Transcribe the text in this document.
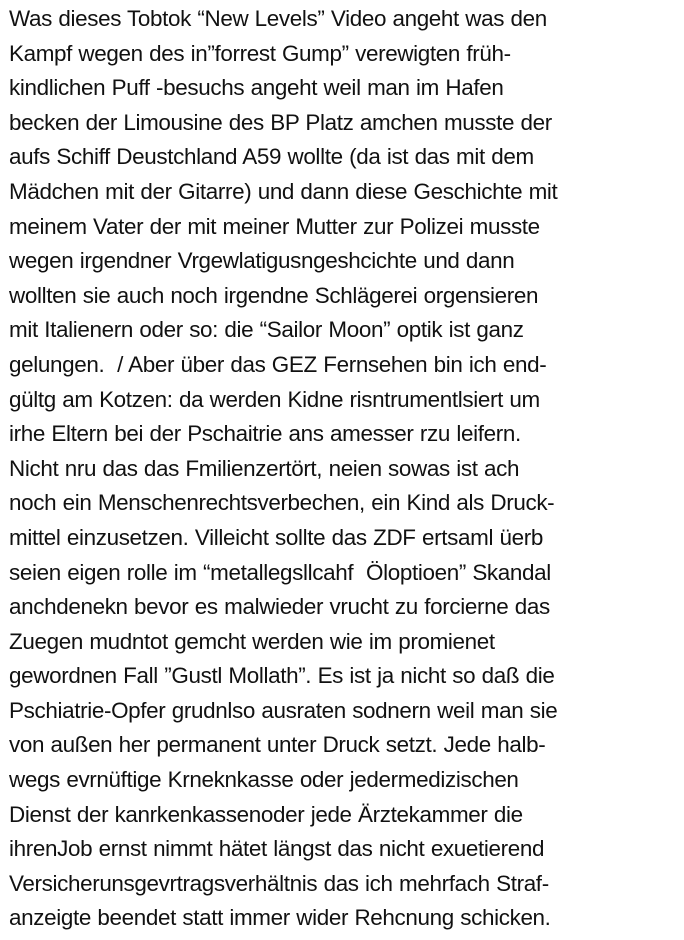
Was dieses Tobtok “New Levels” Video angeht was den
Kampf wegen des in”forrest Gump” verewigten früh-
kindlichen Puff -besuchs angeht weil man im Hafen
becken der Limousine des BP Platz amchen musste der
aufs Schiff Deustchland A59 wollte (da ist das mit dem
Mädchen mit der Gitarre) und dann diese Geschichte mit
meinem Vater der mit meiner Mutter zur Polizei musste
wegen irgendner Vrgewlatigusngeshcichte und dann
wollten sie auch noch irgendne Schlägerei orgensieren
mit Italienern oder so: die “Sailor Moon” optik ist ganz
gelungen.  / Aber über das GEZ Fernsehen bin ich end-
gültg am Kotzen: da werden Kidne risntrumentlsiert um
irhe Eltern bei der Pschaitrie ans amesser rzu leifern.
Nicht nru das das Fmilienzertört, neien sowas ist ach
noch ein Menschenrechtsverbechen, ein Kind als Druck-
mittel einzusetzen. Villeicht sollte das ZDF ertsaml üerb
seien eigen rolle im “metallegsllcahf  Öloptioen” Skandal
anchdenekn bevor es malwieder vrucht zu forcierne das
Zuegen mudntot gemcht werden wie im promienet
gewordnen Fall ”Gustl Mollath”. Es ist ja nicht so daß die
Pschiatrie-Opfer grudnlso ausraten sodnern weil man sie
von außen her permanent unter Druck setzt. Jede halb-
wegs evrnüftige Krneknkasse oder jedermedizischen
Dienst der kanrkenkassenoder jede Ärztekammer die
ihrenJob ernst nimmt hätet längst das nicht exuetierend
Versicherunsgevrtragsverhältnis das ich mehrfach Straf-
anzeigte beendet statt immer wider Rehcnung schicken.
